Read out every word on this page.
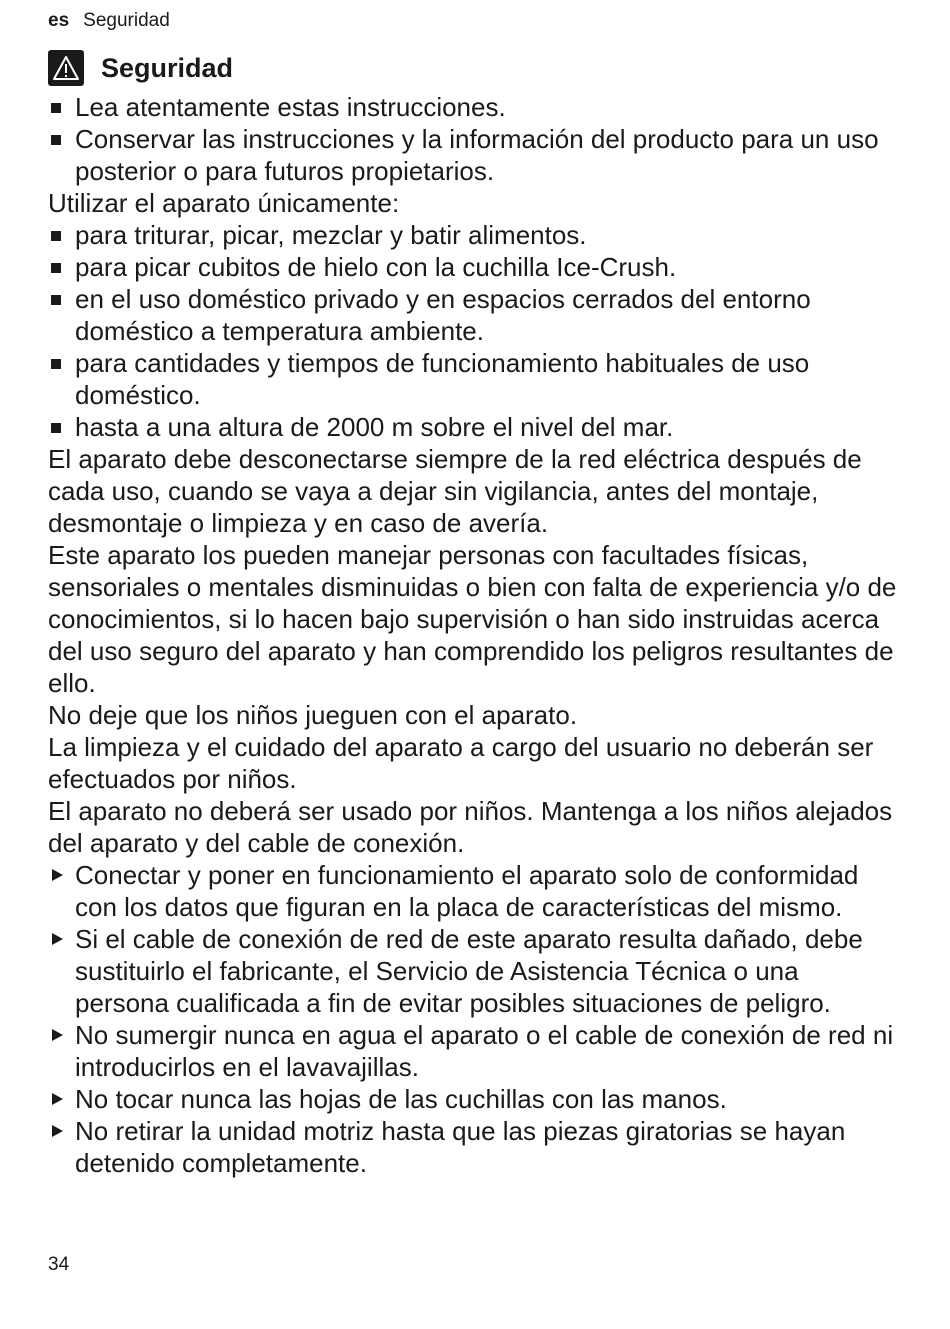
es Seguridad
Seguridad
Lea atentamente estas instrucciones.
Conservar las instrucciones y la información del producto para un uso posterior o para futuros propietarios.

Utilizar el aparato únicamente:

para triturar, picar, mezclar y batir alimentos.
para picar cubitos de hielo con la cuchilla Ice-Crush.
en el uso doméstico privado y en espacios cerrados del entorno doméstico a temperatura ambiente.
para cantidades y tiempos de funcionamiento habituales de uso doméstico.
hasta a una altura de 2000 m sobre el nivel del mar.

El aparato debe desconectarse siempre de la red eléctrica después de cada uso, cuando se vaya a dejar sin vigilancia, antes del montaje, desmontaje o limpieza y en caso de avería.

Este aparato los pueden manejar personas con facultades físicas, sensoriales o mentales disminuidas o bien con falta de experiencia y/o de conocimientos, si lo hacen bajo supervisión o han sido instruidas acerca del uso seguro del aparato y han comprendido los peligros resultantes de ello.

No deje que los niños jueguen con el aparato.

La limpieza y el cuidado del aparato a cargo del usuario no deberán ser efectuados por niños.

El aparato no deberá ser usado por niños. Mantenga a los niños alejados del aparato y del cable de conexión.

Conectar y poner en funcionamiento el aparato solo de conformidad con los datos que figuran en la placa de características del mismo.
Si el cable de conexión de red de este aparato resulta dañado, debe sustituirlo el fabricante, el Servicio de Asistencia Técnica o una persona cualificada a fin de evitar posibles situaciones de peligro.
No sumergir nunca en agua el aparato o el cable de conexión de red ni introducirlos en el lavavajillas.
No tocar nunca las hojas de las cuchillas con las manos.
No retirar la unidad motriz hasta que las piezas giratorias se hayan detenido completamente.
34
